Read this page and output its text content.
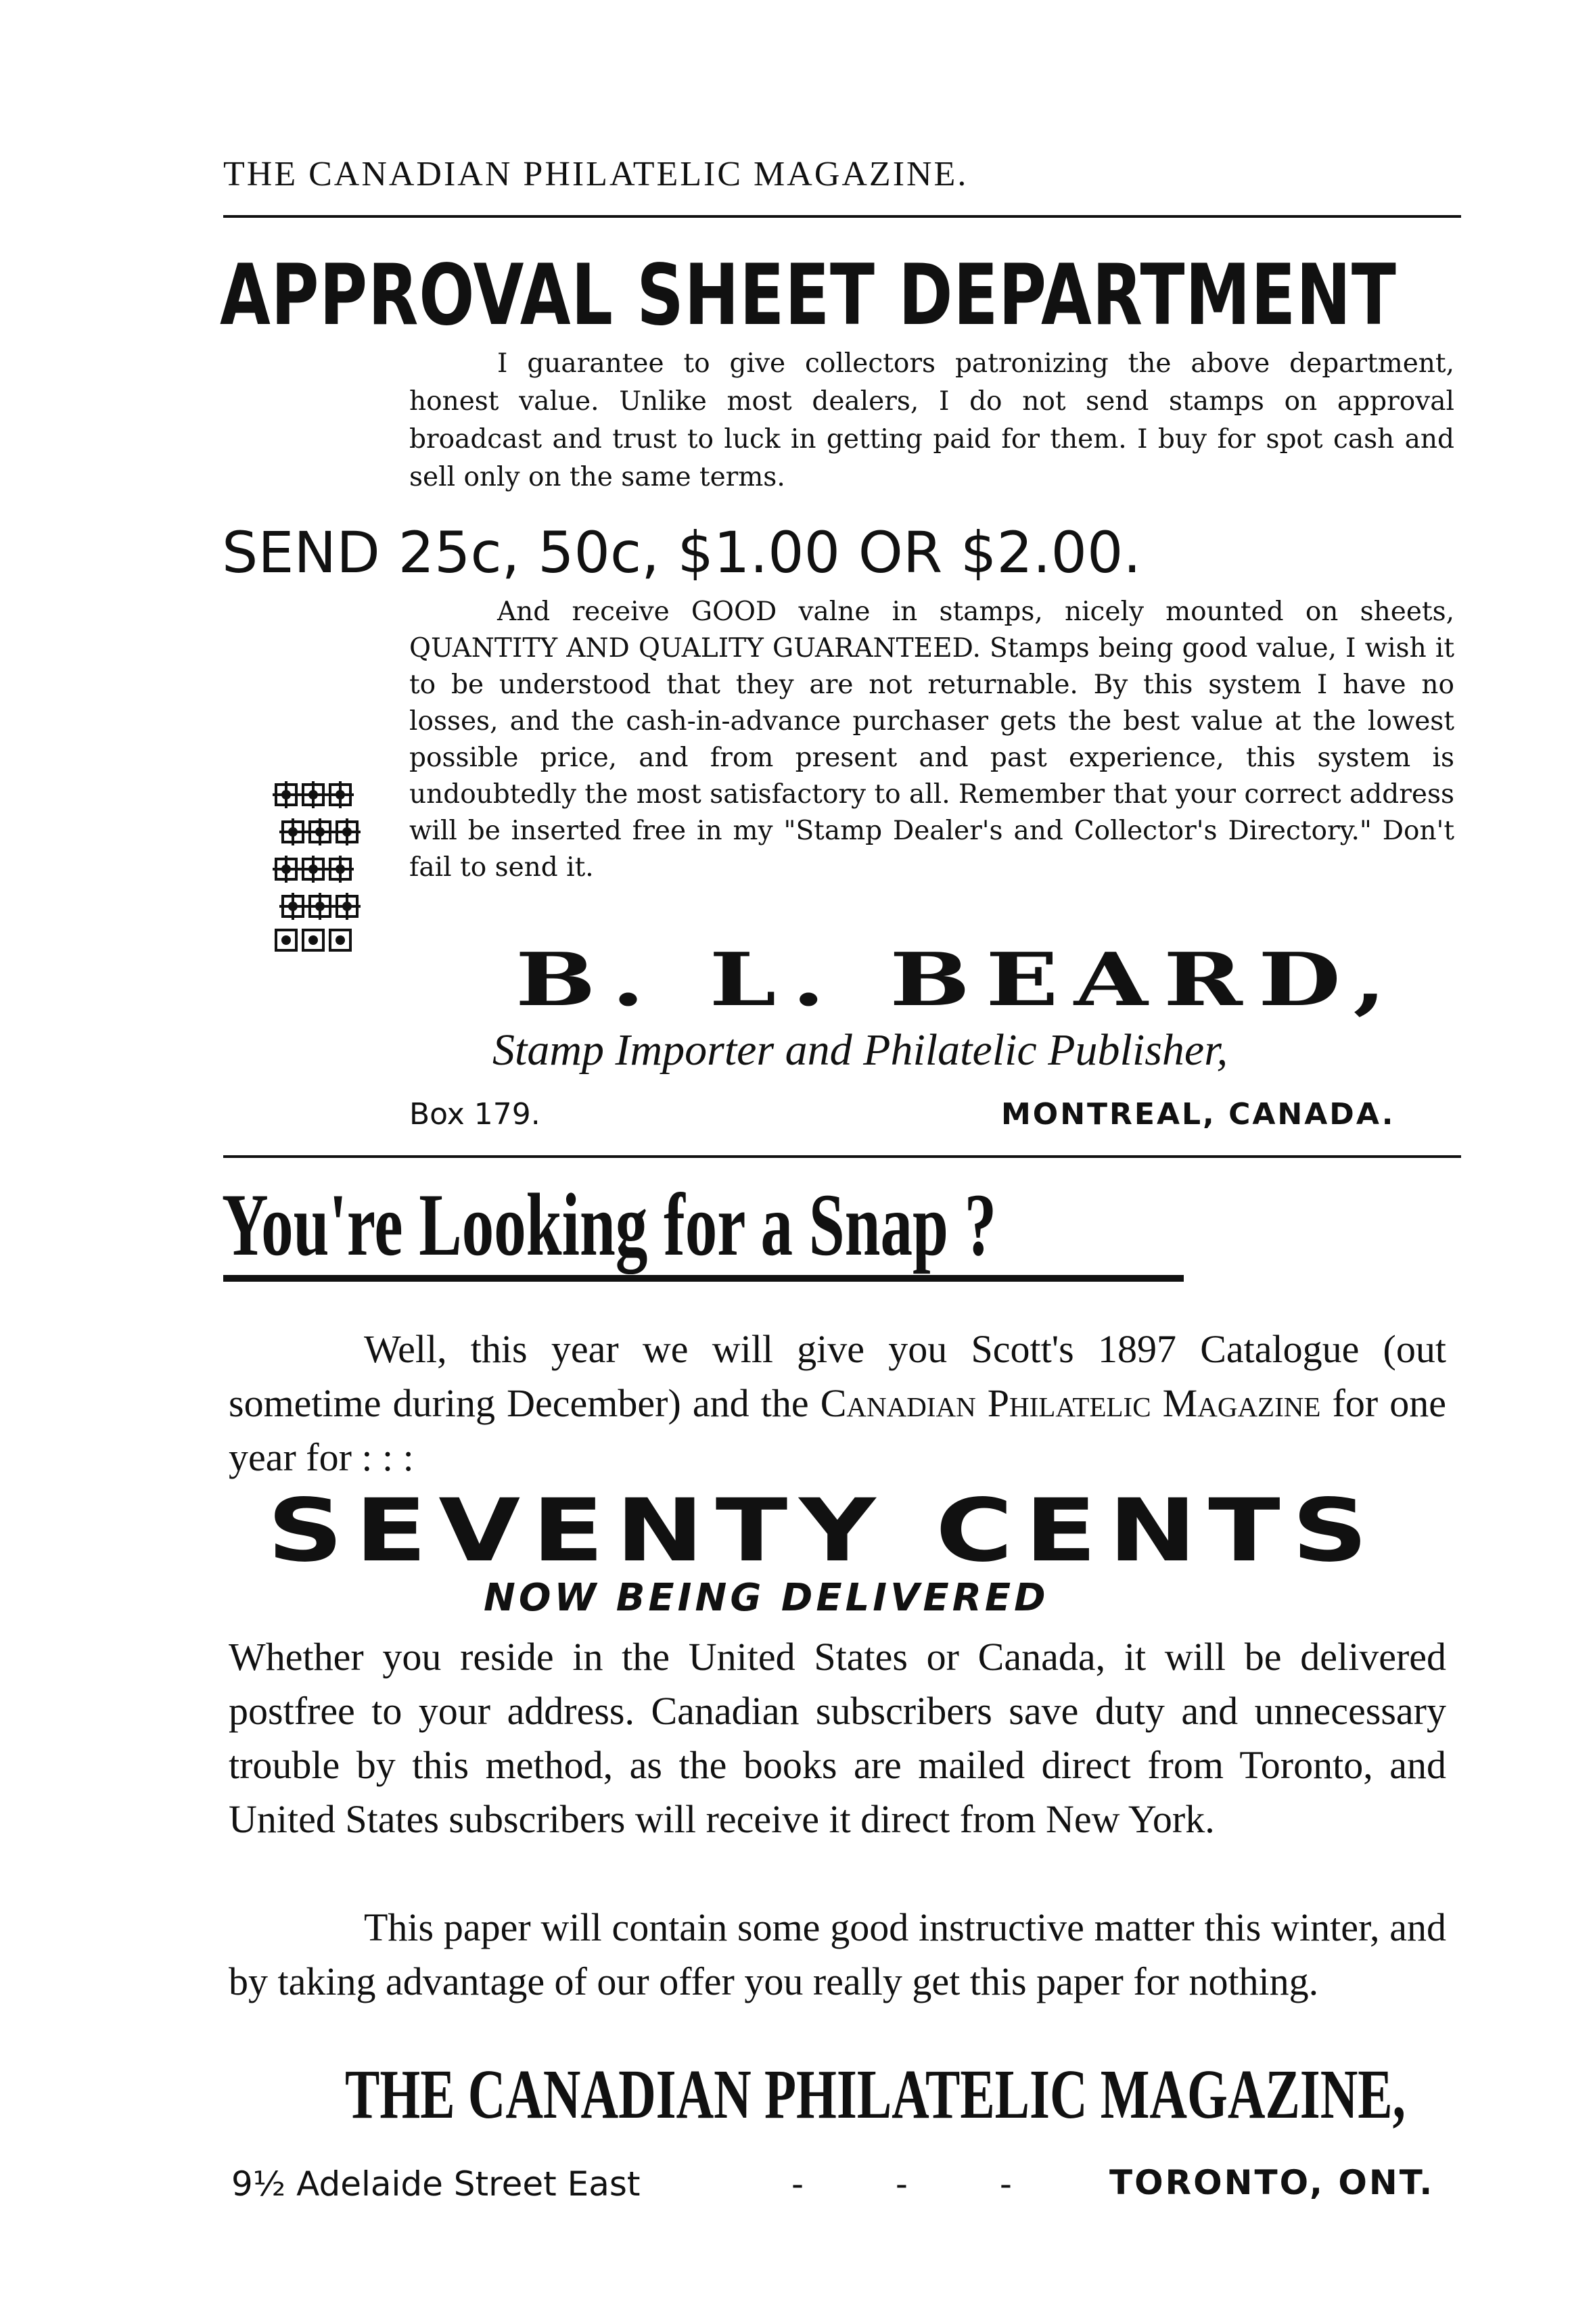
THE CANADIAN PHILATELIC MAGAZINE.
APPROVAL SHEET DEPARTMENT
I guarantee to give collectors patronizing the above department, honest value. Unlike most dealers, I do not send stamps on approval broadcast and trust to luck in getting paid for them. I buy for spot cash and sell only on the same terms.
SEND 25c, 50c, $1.00 OR $2.00.
And receive GOOD valne in stamps, nicely mounted on sheets, QUANTITY AND QUALITY GUARANTEED. Stamps being good value, I wish it to be understood that they are not returnable. By this system I have no losses, and the cash-in-advance purchaser gets the best value at the lowest possible price, and from present and past experience, this system is undoubtedly the most satisfactory to all. Remember that your correct address will be inserted free in my "Stamp Dealer's and Collector's Directory." Don't fail to send it.
B. L. BEARD,
Stamp Importer and Philatelic Publisher,
Box 179.	MONTREAL, CANADA.
You're Looking for a Snap ?
Well, this year we will give you Scott's 1897 Catalogue (out sometime during December) and the Canadian Philatelic Magazine for one year for : : :
SEVENTY CENTS
NOW BEING DELIVERED
Whether you reside in the United States or Canada, it will be delivered postfree to your address. Canadian subscribers save duty and unnecessary trouble by this method, as the books are mailed direct from Toronto, and United States subscribers will receive it direct from New York.
This paper will contain some good instructive matter this winter, and by taking advantage of our offer you really get this paper for nothing.
THE CANADIAN PHILATELIC MAGAZINE,
9½ Adelaide Street East	- - - TORONTO, ONT.
